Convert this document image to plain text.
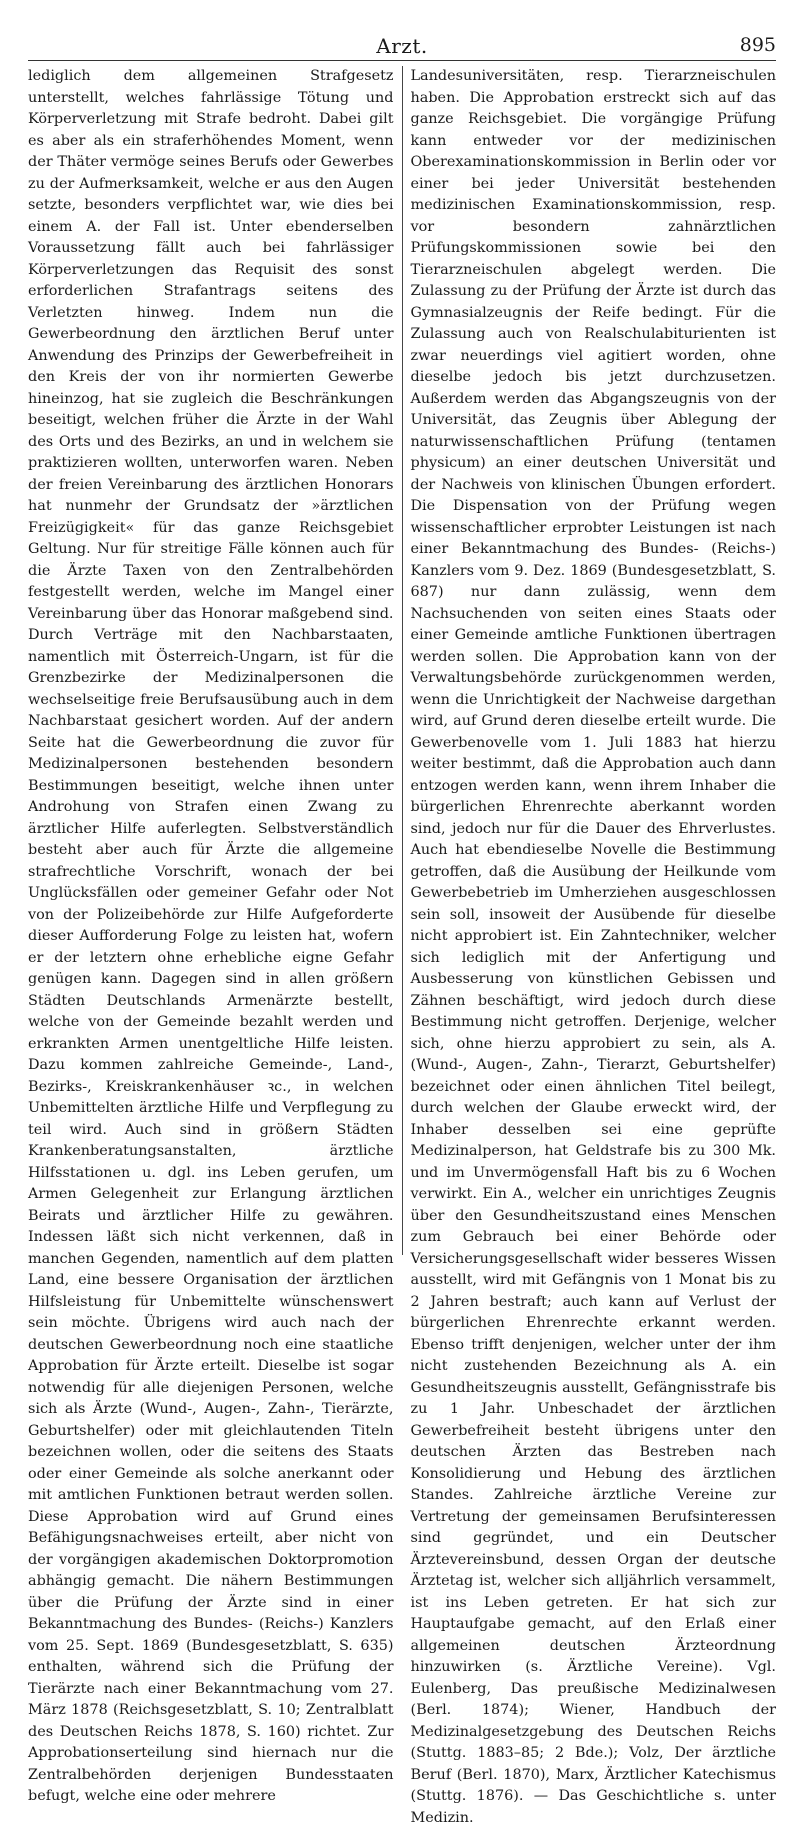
Arzt.	895

lediglich dem allgemeinen Strafgesetz unterstellt, welches fahrlässige Tötung und Körperverletzung mit Strafe bedroht. Dabei gilt es aber als ein straferhöhendes Moment, wenn der Thäter vermöge seines Berufs oder Gewerbes zu der Aufmerksamkeit, welche er aus den Augen setzte, besonders verpflichtet war, wie dies bei einem A. der Fall ist. Unter ebenderselben Voraussetzung fällt auch bei fahrlässiger Körperverletzungen das Requisit des sonst erforderlichen Strafantrags seitens des Verletzten hinweg. Indem nun die Gewerbeordnung den ärztlichen Beruf unter Anwendung des Prinzips der Gewerbefreiheit in den Kreis der von ihr normierten Gewerbe hineinzog, hat sie zugleich die Beschränkungen beseitigt, welchen früher die Ärzte in der Wahl des Orts und des Bezirks, an und in welchem sie praktizieren wollten, unterworfen waren. Neben der freien Vereinbarung des ärztlichen Honorars hat nunmehr der Grundsatz der »ärztlichen Freizügigkeit« für das ganze Reichsgebiet Geltung. Nur für streitige Fälle können auch für die Ärzte Taxen von den Zentralbehörden festgestellt werden, welche im Mangel einer Vereinbarung über das Honorar maßgebend sind. Durch Verträge mit den Nachbarstaaten, namentlich mit Österreich-Ungarn, ist für die Grenzbezirke der Medizinalpersonen die wechselseitige freie Berufsausübung auch in dem Nachbarstaat gesichert worden. Auf der andern Seite hat die Gewerbeordnung die zuvor für Medizinalpersonen bestehenden besondern Bestimmungen beseitigt, welche ihnen unter Androhung von Strafen einen Zwang zu ärztlicher Hilfe auferlegten. Selbstverständlich besteht aber auch für Ärzte die allgemeine strafrechtliche Vorschrift, wonach der bei Unglücksfällen oder gemeiner Gefahr oder Not von der Polizeibehörde zur Hilfe Aufgeforderte dieser Aufforderung Folge zu leisten hat, wofern er der letztern ohne erhebliche eigne Gefahr genügen kann. Dagegen sind in allen größern Städten Deutschlands Armenärzte bestellt, welche von der Gemeinde bezahlt werden und erkrankten Armen unentgeltliche Hilfe leisten. Dazu kommen zahlreiche Gemeinde-, Land-, Bezirks-, Kreiskrankenhäuser ꝛc., in welchen Unbemittelten ärztliche Hilfe und Verpflegung zu teil wird. Auch sind in größern Städten Krankenberatungsanstalten, ärztliche Hilfsstationen u. dgl. ins Leben gerufen, um Armen Gelegenheit zur Erlangung ärztlichen Beirats und ärztlicher Hilfe zu gewähren. Indessen läßt sich nicht verkennen, daß in manchen Gegenden, namentlich auf dem platten Land, eine bessere Organisation der ärztlichen Hilfsleistung für Unbemittelte wünschenswert sein möchte. Übrigens wird auch nach der deutschen Gewerbeordnung noch eine staatliche Approbation für Ärzte erteilt. Dieselbe ist sogar notwendig für alle diejenigen Personen, welche sich als Ärzte (Wund-, Augen-, Zahn-, Tierärzte, Geburtshelfer) oder mit gleichlautenden Titeln bezeichnen wollen, oder die seitens des Staats oder einer Gemeinde als solche anerkannt oder mit amtlichen Funktionen betraut werden sollen. Diese Approbation wird auf Grund eines Befähigungsnachweises erteilt, aber nicht von der vorgängigen akademischen Doktorpromotion abhängig gemacht. Die nähern Bestimmungen über die Prüfung der Ärzte sind in einer Bekanntmachung des Bundes- (Reichs-) Kanzlers vom 25. Sept. 1869 (Bundesgesetzblatt, S. 635) enthalten, während sich die Prüfung der Tierärzte nach einer Bekanntmachung vom 27. März 1878 (Reichsgesetzblatt, S. 10; Zentralblatt des Deutschen Reichs 1878, S. 160) richtet. Zur Approbationserteilung sind hiernach nur die Zentralbehörden derjenigen Bundesstaaten befugt, welche eine oder mehrere

Landesuniversitäten, resp. Tierarzneischulen haben. Die Approbation erstreckt sich auf das ganze Reichsgebiet. Die vorgängige Prüfung kann entweder vor der medizinischen Oberexaminationskommission in Berlin oder vor einer bei jeder Universität bestehenden medizinischen Examinationskommission, resp. vor besondern zahnärztlichen Prüfungskommissionen sowie bei den Tierarzneischulen abgelegt werden. Die Zulassung zu der Prüfung der Ärzte ist durch das Gymnasialzeugnis der Reife bedingt. Für die Zulassung auch von Realschulabiturienten ist zwar neuerdings viel agitiert worden, ohne dieselbe jedoch bis jetzt durchzusetzen. Außerdem werden das Abgangszeugnis von der Universität, das Zeugnis über Ablegung der naturwissenschaftlichen Prüfung (tentamen physicum) an einer deutschen Universität und der Nachweis von klinischen Übungen erfordert. Die Dispensation von der Prüfung wegen wissenschaftlicher erprobter Leistungen ist nach einer Bekanntmachung des Bundes- (Reichs-) Kanzlers vom 9. Dez. 1869 (Bundesgesetzblatt, S. 687) nur dann zulässig, wenn dem Nachsuchenden von seiten eines Staats oder einer Gemeinde amtliche Funktionen übertragen werden sollen. Die Approbation kann von der Verwaltungsbehörde zurückgenommen werden, wenn die Unrichtigkeit der Nachweise dargethan wird, auf Grund deren dieselbe erteilt wurde. Die Gewerbenovelle vom 1. Juli 1883 hat hierzu weiter bestimmt, daß die Approbation auch dann entzogen werden kann, wenn ihrem Inhaber die bürgerlichen Ehrenrechte aberkannt worden sind, jedoch nur für die Dauer des Ehrverlustes. Auch hat ebendieselbe Novelle die Bestimmung getroffen, daß die Ausübung der Heilkunde vom Gewerbebetrieb im Umherziehen ausgeschlossen sein soll, insoweit der Ausübende für dieselbe nicht approbiert ist. Ein Zahntechniker, welcher sich lediglich mit der Anfertigung und Ausbesserung von künstlichen Gebissen und Zähnen beschäftigt, wird jedoch durch diese Bestimmung nicht getroffen. Derjenige, welcher sich, ohne hierzu approbiert zu sein, als A. (Wund-, Augen-, Zahn-, Tierarzt, Geburtshelfer) bezeichnet oder einen ähnlichen Titel beilegt, durch welchen der Glaube erweckt wird, der Inhaber desselben sei eine geprüfte Medizinalperson, hat Geldstrafe bis zu 300 Mk. und im Unvermögensfall Haft bis zu 6 Wochen verwirkt. Ein A., welcher ein unrichtiges Zeugnis über den Gesundheitszustand eines Menschen zum Gebrauch bei einer Behörde oder Versicherungsgesellschaft wider besseres Wissen ausstellt, wird mit Gefängnis von 1 Monat bis zu 2 Jahren bestraft; auch kann auf Verlust der bürgerlichen Ehrenrechte erkannt werden. Ebenso trifft denjenigen, welcher unter der ihm nicht zustehenden Bezeichnung als A. ein Gesundheitszeugnis ausstellt, Gefängnisstrafe bis zu 1 Jahr. Unbeschadet der ärztlichen Gewerbefreiheit besteht übrigens unter den deutschen Ärzten das Bestreben nach Konsolidierung und Hebung des ärztlichen Standes. Zahlreiche ärztliche Vereine zur Vertretung der gemeinsamen Berufsinteressen sind gegründet, und ein Deutscher Ärztevereinsbund, dessen Organ der deutsche Ärztetag ist, welcher sich alljährlich versammelt, ist ins Leben getreten. Er hat sich zur Hauptaufgabe gemacht, auf den Erlaß einer allgemeinen deutschen Ärzteordnung hinzuwirken (s. Ärztliche Vereine). Vgl. Eulenberg, Das preußische Medizinalwesen (Berl. 1874); Wiener, Handbuch der Medizinalgesetzgebung des Deutschen Reichs (Stuttg. 1883–85; 2 Bde.); Volz, Der ärztliche Beruf (Berl. 1870), Marx, Ärztlicher Katechismus (Stuttg. 1876). — Das Geschichtliche s. unter Medizin.
